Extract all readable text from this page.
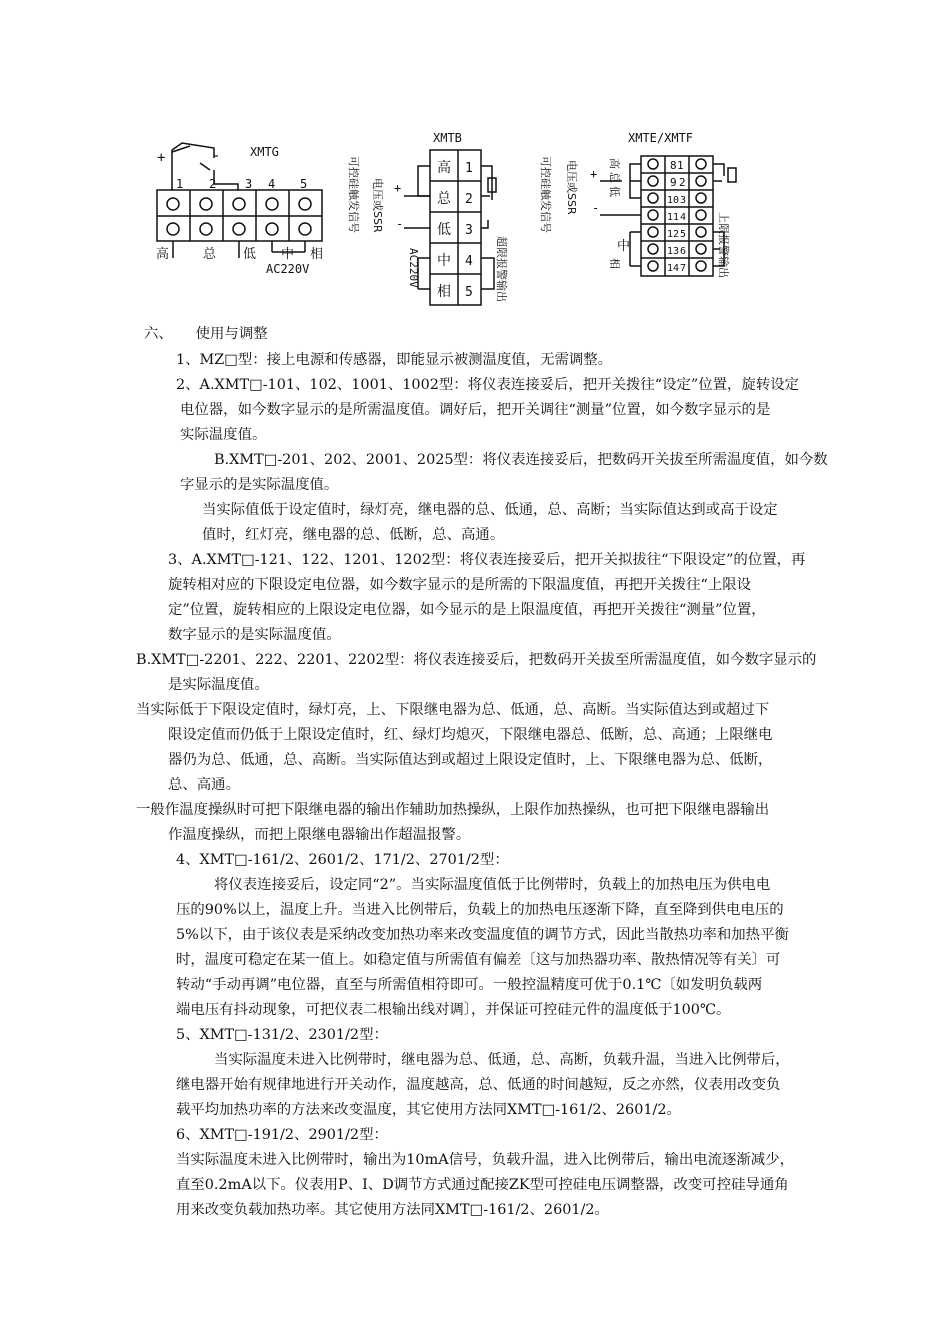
XMTG
+	-
1 2 3 4 5
高	总 低 中 相
AC220V
XMTB
可控硅触发信号 电压或SSR +
-
高 1
总 2
低 3
中 4
相 5
AC220V	超限报警输出
XMTE/XMTF
可控硅触发信号 电压或SSR +
-
高
总
低
中
相
8 1
9 2
10 3
11 4
12 5
13 6
14 7	上限报警输出
六、     使用与调整
1、MZ□型：接上电源和传感器，即能显示被测温度值，无需调整。
2、A.XMT□-101、102、1001、1002型：将仪表连接妥后，把开关拨往“设定”位置，旋转设定
电位器，如今数字显示的是所需温度值。调好后，把开关调往“测量”位置，如今数字显示的是
实际温度值。
B.XMT□-201、202、2001、2025型：将仪表连接妥后，把数码开关拔至所需温度值，如今数
字显示的是实际温度值。
当实际值低于设定值时，绿灯亮，继电器的总、低通，总、高断；当实际值达到或高于设定
值时，红灯亮，继电器的总、低断，总、高通。
3、A.XMT□-121、122、1201、1202型：将仪表连接妥后，把开关拟拔往“下限设定”的位置，再
旋转相对应的下限设定电位器，如今数字显示的是所需的下限温度值，再把开关拨往“上限设
定”位置，旋转相应的上限设定电位器，如今显示的是上限温度值，再把开关拨往“测量”位置，
数字显示的是实际温度值。
B.XMT□-2201、222、2201、2202型：将仪表连接妥后，把数码开关拔至所需温度值，如今数字显示的
是实际温度值。
当实际低于下限设定值时，绿灯亮，上、下限继电器为总、低通，总、高断。当实际值达到或超过下
限设定值而仍低于上限设定值时，红、绿灯均熄灭，下限继电器总、低断，总、高通；上限继电
器仍为总、低通，总、高断。当实际值达到或超过上限设定值时，上、下限继电器为总、低断，
总、高通。
一般作温度操纵时可把下限继电器的输出作辅助加热操纵，上限作加热操纵，也可把下限继电器输出
作温度操纵，而把上限继电器输出作超温报警。
4、XMT□-161/2、2601/2、171/2、2701/2型：
将仪表连接妥后，设定同“2”。当实际温度值低于比例带时，负载上的加热电压为供电电
压的90%以上，温度上升。当进入比例带后，负载上的加热电压逐渐下降，直至降到供电电压的
5%以下，由于该仪表是采纳改变加热功率来改变温度值的调节方式，因此当散热功率和加热平衡
时，温度可稳定在某一值上。如稳定值与所需值有偏差〔这与加热器功率、散热情况等有关〕可
转动“手动再调”电位器，直至与所需值相符即可。一般控温精度可优于0.1℃〔如发明负载两
端电压有抖动现象，可把仪表二根输出线对调〕，并保证可控硅元件的温度低于100℃。
5、XMT□-131/2、2301/2型：
当实际温度未进入比例带时，继电器为总、低通，总、高断，负载升温，当进入比例带后，
继电器开始有规律地进行开关动作，温度越高，总、低通的时间越短，反之亦然，仪表用改变负
载平均加热功率的方法来改变温度，其它使用方法同XMT□-161/2、2601/2。
6、XMT□-191/2、2901/2型：
当实际温度未进入比例带时，输出为10mA信号，负载升温，进入比例带后，输出电流逐渐减少，
直至0.2mA以下。仪表用P、I、D调节方式通过配接ZK型可控硅电压调整器，改变可控硅导通角
用来改变负载加热功率。其它使用方法同XMT□-161/2、2601/2。
